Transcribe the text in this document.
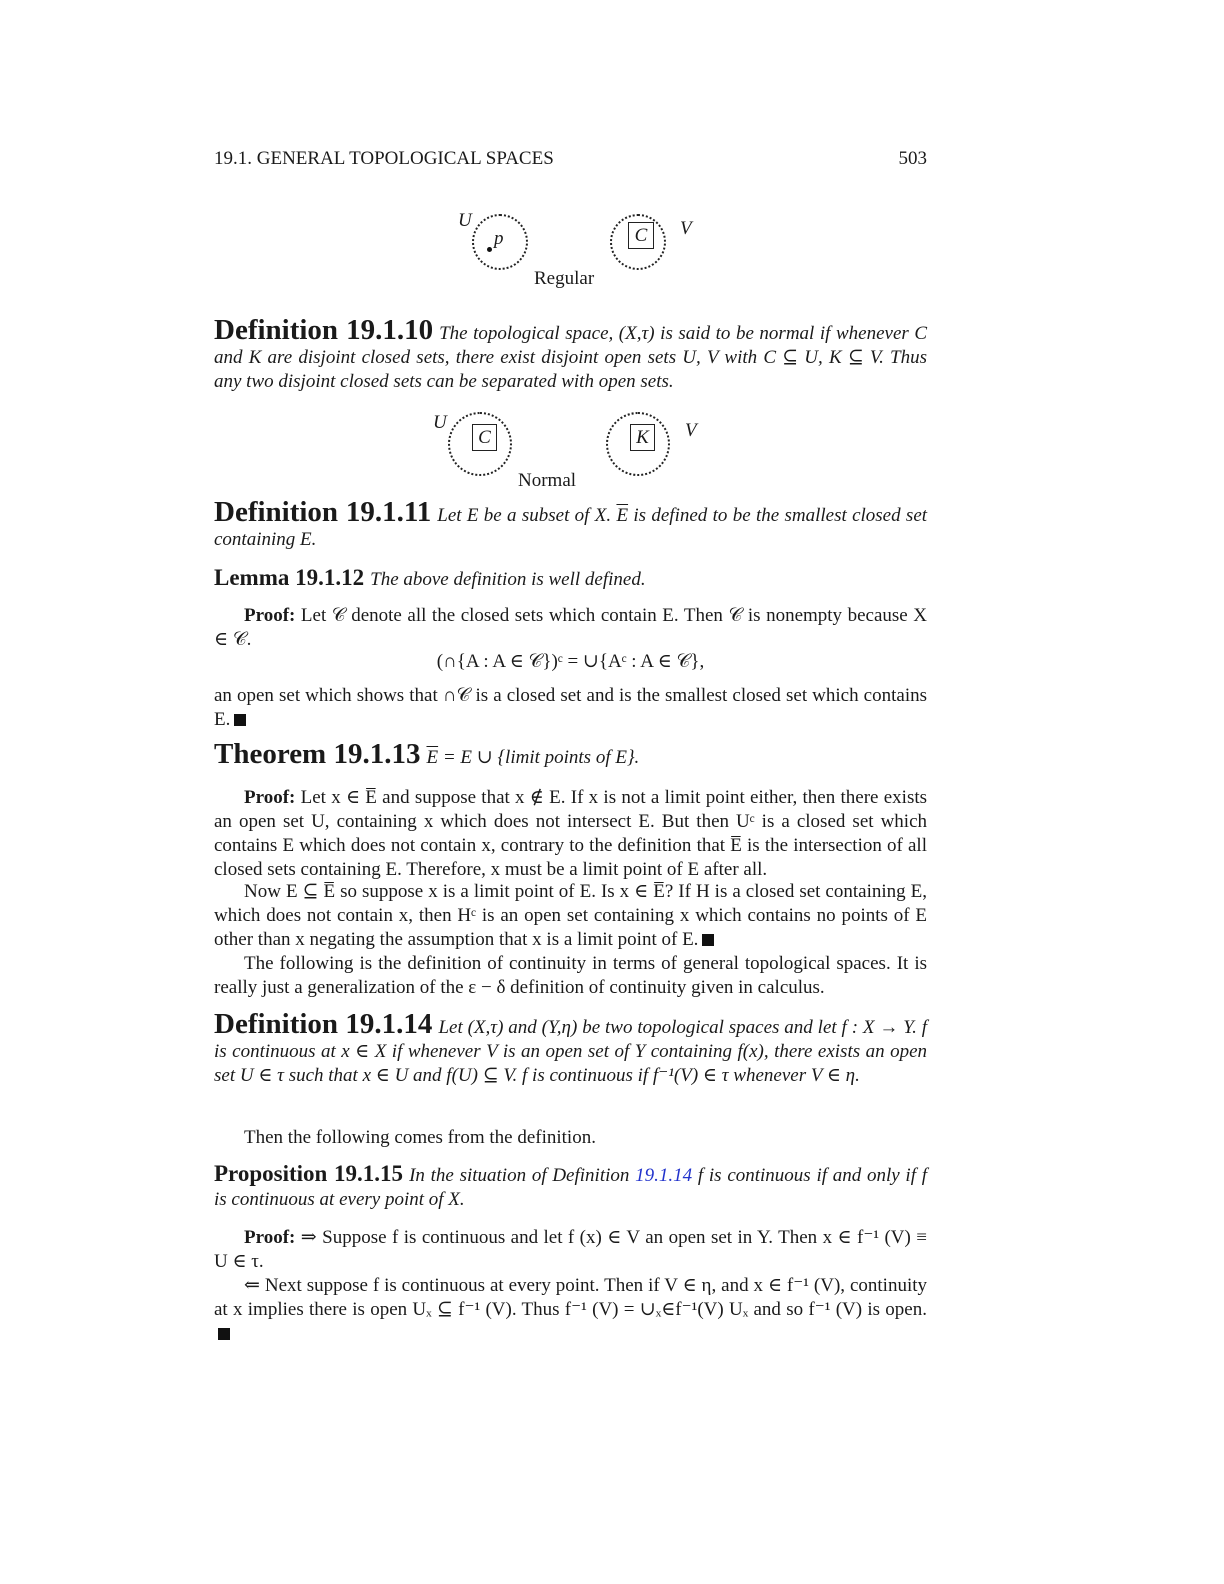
19.1. GENERAL TOPOLOGICAL SPACES	503
U
p	C	V
Regular
Definition 19.1.10 The topological space, (X,τ) is said to be normal if whenever C and K are disjoint closed sets, there exist disjoint open sets U, V with C ⊆ U, K ⊆ V. Thus any two disjoint closed sets can be separated with open sets.
U
C	K	V
Normal
Definition 19.1.11 Let E be a subset of X. $\overline{E}$ is defined to be the smallest closed set containing E.
Lemma 19.1.12 The above definition is well defined.
Proof: Let 𝒞 denote all the closed sets which contain E. Then 𝒞 is nonempty because X ∈ 𝒞.
(∩{A : A ∈ 𝒞})ᶜ = ∪{Aᶜ : A ∈ 𝒞},
an open set which shows that ∩𝒞 is a closed set and is the smallest closed set which contains E.
Theorem 19.1.13 $\overline{E} = E$ ∪ {limit points of E}.
Proof: Let x ∈ E̅ and suppose that x ∉ E. If x is not a limit point either, then there exists an open set U, containing x which does not intersect E. But then Uᶜ is a closed set which contains E which does not contain x, contrary to the definition that E̅ is the intersection of all closed sets containing E. Therefore, x must be a limit point of E after all.
Now E ⊆ E̅ so suppose x is a limit point of E. Is x ∈ E̅? If H is a closed set containing E, which does not contain x, then Hᶜ is an open set containing x which contains no points of E other than x negating the assumption that x is a limit point of E.
The following is the definition of continuity in terms of general topological spaces. It is really just a generalization of the ε − δ definition of continuity given in calculus.
Definition 19.1.14 Let (X,τ) and (Y,η) be two topological spaces and let f : X → Y. f is continuous at x ∈ X if whenever V is an open set of Y containing f(x), there exists an open set U ∈ τ such that x ∈ U and f(U) ⊆ V. f is continuous if f⁻¹(V) ∈ τ whenever V ∈ η.
Then the following comes from the definition.
Proposition 19.1.15 In the situation of Definition 19.1.14 f is continuous if and only if f is continuous at every point of X.
Proof: ⇒ Suppose f is continuous and let f (x) ∈ V an open set in Y. Then x ∈ f⁻¹ (V) ≡ U ∈ τ.
⇐ Next suppose f is continuous at every point. Then if V ∈ η, and x ∈ f⁻¹ (V), continuity at x implies there is open Uₓ ⊆ f⁻¹ (V). Thus f⁻¹ (V) = ∪ₓ∈f⁻¹(V) Uₓ and so f⁻¹ (V) is open.
